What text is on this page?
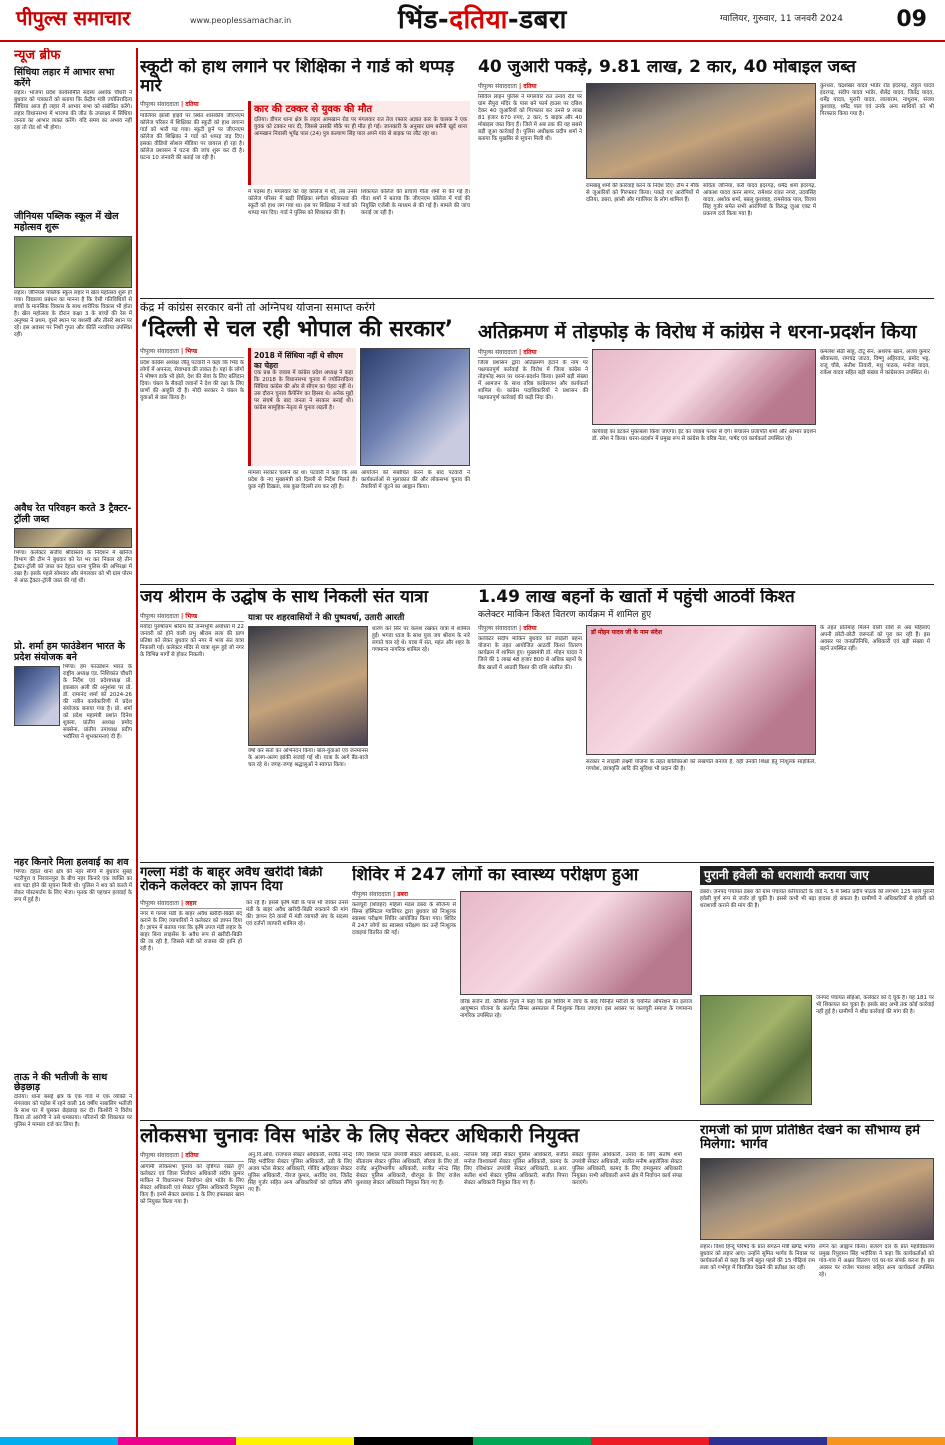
पीपुल्स समाचार	www.peoplessamachar.in	भिंड-दतिया-डबरा	ग्वालियर, गुरुवार, 11 जनवरी 2024 09
न्यूज ब्रीफ
सिंधिया लहार में आभार सभा करेंगे
लहार। भाजपा प्रदेश कार्यसमिति सदस्य अशोक चौधरी ने बुधवार को पत्रकारों को बताया कि केंद्रीय मंत्री ज्योतिरादित्य सिंधिया आज ही लहार में आभार सभा को संबोधित करेंगे। लहार विधानसभा में भाजपा की जीत के उपलक्ष्य में सिंधिया जनता का आभार व्यक्त करेंगे। यदि समय का अभाव नहीं रहा तो रोड शो भी होगा।
जीनियस पब्लिक स्कूल में खेल महोत्सव शुरू
लहार। जीनियस पब्लिक स्कूल लहार में खेल महोत्सव शुरू हो गया। विद्यालय प्रबंधन का मानना है कि ऐसी गतिविधियों से बच्चों के मानसिक विकास के साथ शारीरिक विकास भी होता है। खेल महोत्सव के दौरान कक्षा 3 के बच्चों की रेस में अनुष्का ने प्रथम, दूसरे स्थान पर यशस्वी और तीसरे स्थान पर रहे। इस अवसर पर निशी गुप्ता और कीर्ति नरवरिया उपस्थित रहीं।
अवैध रेत परिवहन करते 3 ट्रैक्टर-ट्रॉली जब्त
भिण्ड। कलेक्टर संजीव श्रीवास्तव के निर्देशन में खनिज विभाग की टीम ने बुधवार को रेत भर कर निकल रहे तीन ट्रैक्टर-ट्रॉली को जब्त कर देहात थाना पुलिस की अभिरक्षा में रखा है। इसके पहले सोमवार और मंगलवार को भी ग्राम पोरम से आठ ट्रैक्टर-ट्रॉली जब्त की गई थीं।
प्रो. शर्मा हम फाउंडेशन भारत के प्रदेश संयोजक बने
भिण्ड। हम फाउंडेशन भारत के राष्ट्रीय अध्यक्ष एड. निशिकांत चौधरी के निर्देश एवं प्रदेशाध्यक्ष प्रो. इकबाल अली की अनुशंसा पर प्रो. डॉ. रामानंद शर्मा को 2024-26 की नवीन कार्यकारिणी में प्रदेश संयोजक बनाया गया है। प्रो. शर्मा को प्रदेश महामंत्री प्रशांत दिनेश शुक्ला, प्रांतीय अध्यक्ष प्रमोद सक्सेना, प्रांतीय उपाध्यक्ष प्रदीप भदौरिया ने शुभकामनाएं दी हैं।
नहर किनारे मिला हलवाई का शव
भिण्ड। देहात थाना क्षेत्र की नहर सीगी में बुधवार सुबह पटरीपुरा व निरावनपुरा के बीच नहर किनारे एक व्यक्ति का शव पड़ा होने की सूचना मिली थी। पुलिस ने शव को कब्जे में लेकर पोस्टमार्टम के लिए भेजा। मृतक की पहचान हलवाई के रूप में हुई है।
ताऊ ने की भतीजी के साथ छेड़छाड़
दतिया। थाना बसई क्षेत्र के एक गांव में एक व्यक्ति ने मंगलवार को पड़ोस में रहने वाली 16 वर्षीय नाबालिग भतीजी के साथ घर में घुसकर छेड़छाड़ कर दी। किशोरी ने विरोध किया तो आरोपी ने उसे धमकाया। परिजनों की शिकायत पर पुलिस ने मामला दर्ज कर लिया है।
स्कूटी को हाथ लगाने पर शिक्षिका ने गार्ड को थप्पड़ मारे
पीपुल्स संवाददाता | दतिया
ग्वालियर झांसी हाइवे पर स्थित शासकीय जीएनएम कॉलेज परिसर में शिक्षिका की स्कूटी को हाथ लगाना गार्ड को भारी पड़ गया। स्कूटी छूने पर जीएनएम कॉलेज की शिक्षिका ने गार्ड को थप्पड़ जड़ दिए। इसका वीडियो सोशल मीडिया पर वायरल हो रहा है। कॉलेज प्रशासन ने घटना की जांच शुरू कर दी है। घटना 10 जनवरी की बताई जा रही है।
कार की टक्कर से युवक की मौत
दतिया। डीपार थाना क्षेत्र के लहार आमखान रोड पर मंगलवार रात तेज रफ्तार अज्ञात कार के चालक ने एक युवक को टक्कर मार दी, जिससे उसकी मौके पर ही मौत हो गई। जानकारी के अनुसार ग्राम बरौनी खुर्द थाना आमखान निवासी भूपेंद्र पाल (24) पुत्र कल्याण सिंह पाल अपने गांव से बाइक पर लौट रहा था।
में पदस्थ हैं। मंगलवार को वह कॉलेज में थीं, तब उनसे कॉलेज परिसर में खड़ी शिक्षिका संगीता श्रीवास्तव की स्कूटी को हाथ लग गया था। इस पर शिक्षिका ने गार्ड को थप्पड़ मार दिए। गार्ड ने पुलिस को शिकायत की है।
शिकायत कॉलेज की प्राचार्य गीता शर्मा से की गई है। गीता शर्मा ने बताया कि जीएनएम कॉलेज में गार्ड की नियुक्ति एजेंसी के माध्यम से की गई है। मामले की जांच कराई जा रही है।
40 जुआरी पकड़े, 9.81 लाख, 2 कार, 40 मोबाइल जब्त
पीपुल्स संवाददाता | दतिया
सिविल लाइन पुलिस ने मंगलवार रात उनाव रोड पर ग्राम सैपुरा मंदिर के पास बने फार्म हाउस पर दबिश देकर 40 जुआरियों को गिरफ्तार कर उनसे 9 लाख 81 हजार 670 रुपए, 2 कार, 5 बाइक और 40 मोबाइल जब्त किए हैं। जिले में अब तक की यह सबसे बड़ी जुआ कार्रवाई है। पुलिस अधीक्षक प्रदीप शर्मा ने बताया कि मुखबिर से सूचना मिली थी।
रामबाबू शर्मा की कार्रवाई करने के निर्देश दिए। टीम ने मौके से जुआरियों को गिरफ्तार किया। पकड़े गए आरोपियों में दतिया, डबरा, झांसी और ग्वालियर के लोग शामिल हैं।
सविता जोनिया, करी यादव इंदरगढ़, धर्मेंद्र शर्मा इंदरगढ़, आकाश यादव करन सागर, रामेश्वर रावत नगरा, उदयसिंह यादव, अशोक शर्मा, बबलू कुशवाह, रामसेवक पाल, विजय सिंह गुर्जर समेत सभी आरोपियों के विरुद्ध जुआ एक्ट में प्रकरण दर्ज किया गया है।
कुरथरा, चंद्रशेखर यादव भांडेर रोड इंदरगढ़, राहुल यादव इंदरगढ़, संदीप यादव भांडेर, शैलेंद्र यादव, जितेंद्र यादव, धर्मेंद्र यादव, मुरारी यादव, लालाराम, नाथूराम, संजय कुशवाह, धर्मेंद्र पाल एवं उनके अन्य साथियों को भी गिरफ्तार किया गया है।
केंद्र में कांग्रेस सरकार बनी तो अग्निपथ योजना समाप्त करेंगे
‘दिल्ली से चल रही भोपाल की सरकार’
पीपुल्स संवाददाता | भिण्ड
प्रदेश कांग्रेस अध्यक्ष जीतू पटवारी ने कहा कि भिंड के लोगों में अपनत्व, सेवाभाव की ताकत है। यहां के लोगों ने भीषण डाके भी झेले, देश की सेवा के लिए बलिदान दिया। चंबल के सैकड़ों जवानों ने देश की रक्षा के लिए प्राणों की आहुति दी है। मोदी सरकार ने चंबल के युवाओं से छल किया है।
2018 में सिंधिया नहीं थे सीएम का चेहरा
एक प्रश्न के जवाब में कांग्रेस प्रदेश अध्यक्ष ने कहा कि 2018 के विधानसभा चुनाव में ज्योतिरादित्य सिंधिया कांग्रेस की ओर से सीएम का चेहरा नहीं थे। उस दौरान चुनाव कैंपेनिंग का हिस्सा थे। अनेक मुद्दों पर संघर्ष के बाद जनता ने सरकार बनाई थी। कांग्रेस सामूहिक नेतृत्व से चुनाव लड़ती है।
मामला सरकार चलाने का था। पटवारी ने कहा कि अब प्रदेश के नए मुख्यमंत्री को दिल्ली से निर्देश मिलते हैं। कुछ नहीं दिखता, सब कुछ दिल्ली तय कर रही है।
आयोजन को संबोधित करने के बाद पटवारी ने कार्यकर्ताओं से मुलाकात की और लोकसभा चुनाव की तैयारियों में जुटने का आह्वान किया।
अतिक्रमण में तोड़फोड़ के विरोध में कांग्रेस ने धरना-प्रदर्शन किया
पीपुल्स संवाददाता | दतिया
जिला प्रशासन द्वारा अतिक्रमण हटाने के नाम पर पक्षपातपूर्ण कार्रवाई के विरोध में जिला कांग्रेस ने तोड़फोड़ स्थल पर धरना-प्रदर्शन किया। इसमें बड़ी संख्या में आमजन के साथ वरिष्ठ कांग्रेसजन और कार्यकर्ता शामिल थे। कांग्रेस पदाधिकारियों ने प्रशासन की पक्षपातपूर्ण कार्रवाई की कड़ी निंदा की।
कार्यवाई का डटकर मुकाबला किया जाएगा। ईट का जवाब पत्थर से देंगे। संचालन प्रजापति शर्मा और आभार प्रदर्शन डॉ. रमेश ने किया। धरना-प्रदर्शन में प्रमुख रूप से कांग्रेस के वरिष्ठ नेता, पार्षद एवं कार्यकर्ता उपस्थित रहे।
कमलेश सेठी साहू, टीटू सेन, अशरफ खान, अजय कुमार श्रीवास्तव, रामचंद्र जाटव, विष्णु अहिरवार, प्रमोद भट्ट, राजू चौबे, सतीश तिवारी, मधु पाठक, मनोज यादव, राकेश यादव सहित बड़ी संख्या में कांग्रेसजन उपस्थित थे।
जय श्रीराम के उद्घोष के साथ निकली संत यात्रा
पीपुल्स संवाददाता | भिण्ड
मर्यादा पुरुषोत्तम श्रीराम की जन्मभूमि अयोध्या में 22 जनवरी को होने वाली प्रभु श्रीराम लला की प्राण प्रतिष्ठा को लेकर बुधवार को नगर में भव्य संत यात्रा निकाली गई। कलेक्टर मंदिर से यात्रा शुरू हुई जो नगर के विभिन्न मार्गों से होकर निकली।
यात्रा पर शहरवासियों ने की पुष्पवर्षा, उतारी आरती
धारण कर सिर पर कलश रखकर यात्रा में शामिल हुईं। भगवा ध्वज के साथ युवा जय श्रीराम के नारे लगाते चल रहे थे। यात्रा में संत, महंत और शहर के गणमान्य नागरिक शामिल रहे।
वर्षा कर संतों का अभिनंदन किया। बाल-युवाओं एवं जनमानस के अलग-अलग झांकी सजाई गई थी। यात्रा के आगे बैंड-बाजे चल रहे थे। जगह-जगह श्रद्धालुओं ने स्वागत किया।
1.49 लाख बहनों के खातों में पहुंची आठवीं किश्त
कलेक्टर माकिन किश्त वितरण कार्यक्रम में शामिल हुए
पीपुल्स संवाददाता | दतिया
कलेक्टर संदीप माकिन बुधवार को लाड़ली बहना योजना के तहत आयोजित आठवीं किश्त वितरण कार्यक्रम में शामिल हुए। मुख्यमंत्री डॉ. मोहन यादव ने जिले की 1 लाख 48 हजार 800 से अधिक बहनों के बैंक खातों में आठवीं किश्त की राशि अंतरित की।
डॉ मोहन यादव जी के नाम संदेश
सरकार ने लाड़ली लक्ष्मी योजना के तहत बालिकाओं को लखपति बनाया है, वहीं उनकी शिक्षा हेतु निःशुल्क साइकिलें, गणवेश, छात्रवृत्ति आदि की सुविधा भी प्रदान की है।
के तहत प्रतिमाह मिलने वाली राशि से अब महिलाएं अपनी छोटी-छोटी जरूरतों को पूरा कर रही हैं। इस अवसर पर जनप्रतिनिधि, अधिकारी एवं बड़ी संख्या में बहनें उपस्थित रहीं।
गल्ला मंडी के बाहर अवैध खरीदी बिक्री रोकने कलेक्टर को ज्ञापन दिया
पीपुल्स संवाददाता | लहार
नगर में गल्ला मंडी के बाहर अवैध खरीदी-बिक्री बंद कराने के लिए व्यापारियों ने कलेक्टर को ज्ञापन दिया है। ज्ञापन में बताया गया कि कृषि उपज मंडी लहार के बाहर बिना लाइसेंस के अवैध रूप से खरीदी-बिक्री की जा रही है, जिससे मंडी को राजस्व की हानि हो रही है।
कर रहे हैं। इससे कृषि मंडी के पास भी जाकर उनसे मंडी के बाहर अवैध खरीदी-बिक्री रुकवाने की मांग की। ज्ञापन देने वालों में मंडी व्यापारी संघ के सदस्य एवं दर्जनों व्यापारी शामिल रहे।
शिविर में 247 लोगों का स्वास्थ्य परीक्षण हुआ
पीपुल्स संवाददाता | डबरा
कलचुरी (शिवहरे) महिला मंडल डबरा के सौजन्य से सिम्स हॉस्पिटल ग्वालियर द्वारा बुधवार को निःशुल्क स्वास्थ्य परीक्षण शिविर आयोजित किया गया। शिविर में 247 लोगों का स्वास्थ्य परीक्षण कर उन्हें निःशुल्क दवाइयां वितरित की गईं।
वरिष्ठ सर्जन डॉ. कौशिक गुप्ता ने कहा कि इस शिविर में जांच के बाद चिन्हित मरीजों के चयनित ऑपरेशन का इलाज आयुष्मान योजना के अंतर्गत सिम्स अस्पताल में निःशुल्क किया जाएगा। इस अवसर पर कलचुरी समाज के गणमान्य नागरिक उपस्थित रहे।
पुरानी हवेली को धराशायी कराया जाए
डबरा। जनपद पंचायत डबरा की ग्राम पंचायत करियावटी के वार्ड नं. 5 में स्थित प्रदीप पाठक की लगभग 125 साल पुरानी हवेली पूर्ण रूप से जर्जर हो चुकी है। इससे कभी भी बड़ा हादसा हो सकता है। ग्रामीणों ने अधिकारियों से हवेली को धराशायी कराने की मांग की है।
जनपद पंचायत सीईओ, कलेक्टर को दे चुके हैं। यह 181 पर भी शिकायत कर चुका है। इसके बाद अभी तक कोई कार्रवाई नहीं हुई है। ग्रामीणों ने शीघ्र कार्रवाई की मांग की है।
लोकसभा चुनावः विस भांडेर के लिए सेक्टर अधिकारी नियुक्त
पीपुल्स संवाददाता | दतिया
आगामी लोकसभा चुनाव को दृष्टिगत रखते हुए कलेक्टर एवं जिला निर्वाचन अधिकारी संदीप कुमार माकिन ने विधानसभा निर्वाचन क्षेत्र भांडेर के लिए सेक्टर अधिकारी एवं सेक्टर पुलिस अधिकारी नियुक्त किए हैं। इनमें सेक्टर क्रमांक 1 के लिए इफ्तखार खान को नियुक्त किया गया है।
अनु.वि.अधि. राजपाल सेक्टर अधिकारी, सजीत नरेन्द्र सिंह भदौरिया सेक्टर पुलिस अधिकारी, उडी के लिए अजय पटेल सेक्टर अधिकारी, गोविंद अहिरवार सेक्टर पुलिस अधिकारी, नीरज कुमार, अरविंद राय, जितेंद्र सिंह गुर्जर सहित अन्य अधिकारियों को दायित्व सौंपे गए हैं।
लिए विशाल पटेल उपयंत्री सेक्टर अधिकारी, प्र.आर. सीताराम सेक्टर पुलिस अधिकारी, सीरवा के लिए डॉ. राजेंद्र अनुविभागीय अधिकारी, सजीत नरेन्द्र सिंह सेक्टर पुलिस अधिकारी, धीरपुरा के लिए राजेश कुशवाह सेक्टर अधिकारी नियुक्त किए गए हैं।
नरोत्तम सिंह लोढ़ी सेक्टर पुलिस अधिकारी, सजीत मनोज विश्वकर्मा सेक्टर पुलिस अधिकारी, कामद के लिए रविशंकर उपयंत्री सेक्टर अधिकारी, प्र.आर. सतीश शर्मा सेक्टर पुलिस अधिकारी, सजीत पिपरा सेक्टर अधिकारी नियुक्त किए गए हैं।
सेक्टर पुलिस अधिकारी, उनाव के लिए संतोष शर्मा उपयंत्री सेक्टर अधिकारी, सजीत मनीष अहरोलिया सेक्टर पुलिस अधिकारी, कामद के लिए रामकुमार अधिकारी नियुक्त। सभी अधिकारी अपने क्षेत्र में निर्वाचन कार्य संपन्न कराएंगे।
रामजी को प्राण प्रतिष्ठित देखने का सौभाग्य हमें मिलेगा: भार्गव
लहार। विश्व हिन्दू परिषद के प्रांत संगठन मंत्री खगेंद्र भार्गव बुधवार को लहार आए। उन्होंने सुमित भार्गव के निवास पर कार्यकर्ताओं से कहा कि हमें बहुत पहले की 15 पीढ़ियां राम लला को गर्भगृह में विराजित देखने की प्रतीक्षा कर रहीं।
लगने का आह्वान किया। बजरंग दल के प्रांत महाविद्यालय प्रमुख रिपुदमन सिंह भदौरिया ने कहा कि कार्यकर्ताओं को गांव-गांव में अक्षत वितरण एवं घर-घर संपर्क करना है। इस अवसर पर राजेश पाराशर सहित अन्य कार्यकर्ता उपस्थित रहे।
